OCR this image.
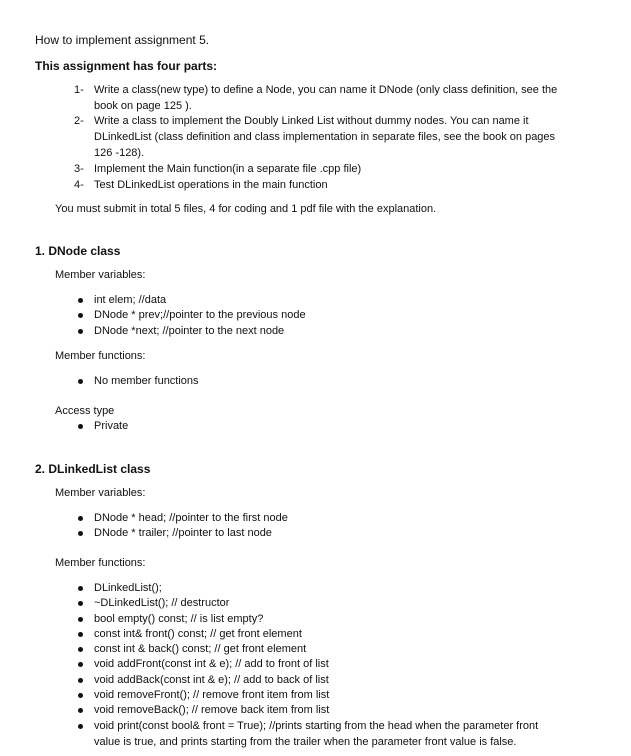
How to implement assignment 5.
This assignment has four parts:
1- Write a class(new type) to define a Node, you can name it DNode (only class definition, see the
book on page 125 ).
2- Write a class to implement the Doubly Linked List without dummy nodes. You can name it
DLinkedList (class definition and class implementation in separate files, see the book on pages
126 -128).
3- Implement the Main function(in a separate file .cpp file)
4- Test DLinkedList operations in the main function
You must submit in total 5 files, 4 for coding and 1 pdf file with the explanation.
1. DNode class
Member variables:
int elem; //data
DNode * prev;//pointer to the previous node
DNode *next; //pointer to the next node
Member functions:
No member functions
Access type
Private
2. DLinkedList class
Member variables:
DNode * head; //pointer to the first node
DNode * trailer; //pointer to last node
Member functions:
DLinkedList();
~DLinkedList(); // destructor
bool empty() const; // is list empty?
const int& front() const; // get front element
const int & back() const; // get front element
void addFront(const int & e); // add to front of list
void addBack(const int & e); // add to back of list
void removeFront(); // remove front item from list
void removeBack(); // remove back item from list
void print(const bool& front = True); //prints starting from the head when the parameter front
value is true, and prints starting from the trailer when the parameter front value is false.
